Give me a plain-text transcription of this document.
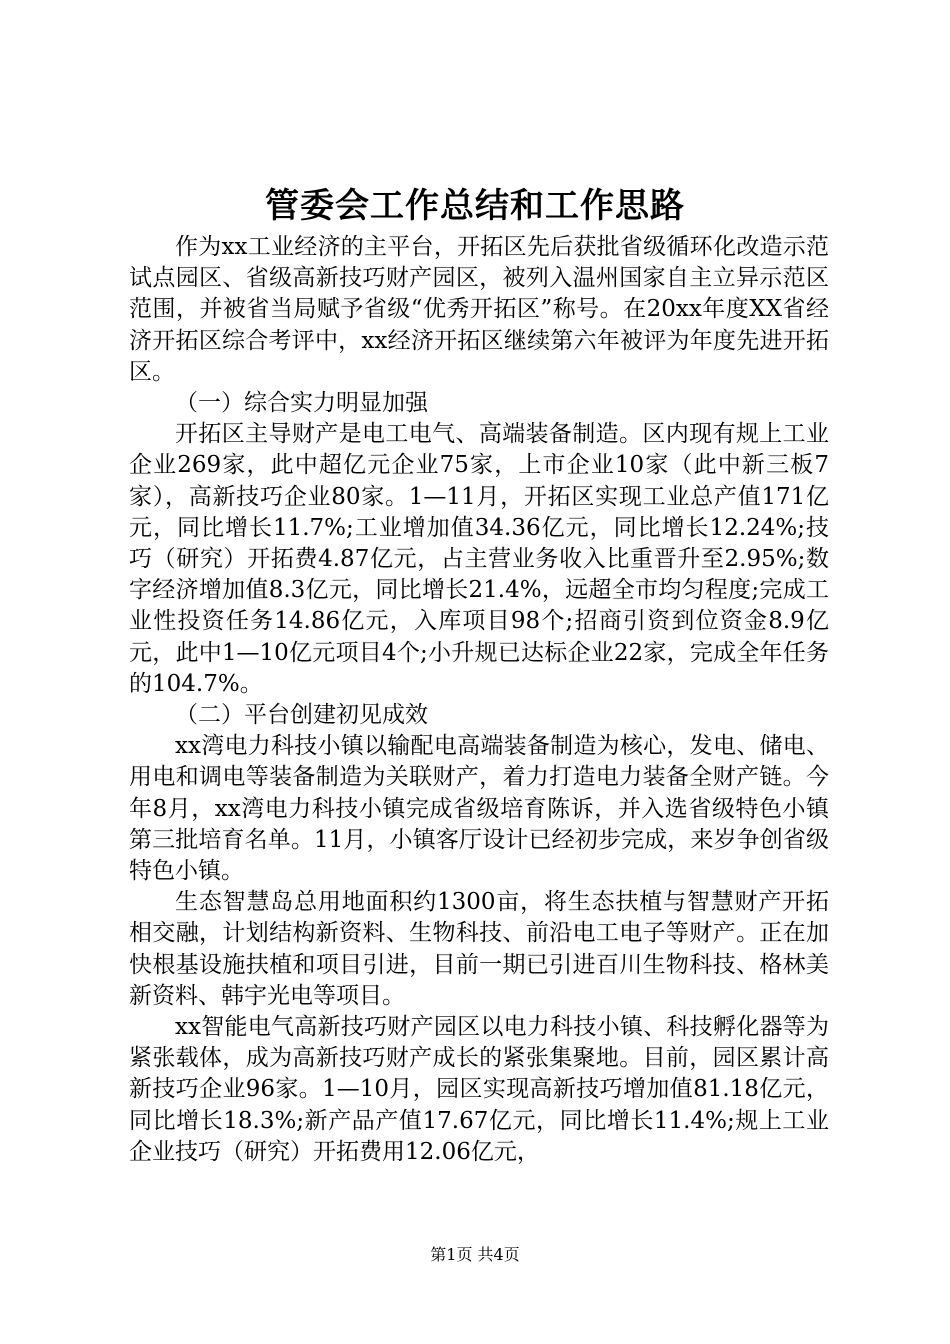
管委会工作总结和工作思路

作为xx工业经济的主平台，开拓区先后获批省级循环化改造示范试点园区、省级高新技巧财产园区，被列入温州国家自主立异示范区范围，并被省当局赋予省级“优秀开拓区”称号。在20xx年度XX省经济开拓区综合考评中，xx经济开拓区继续第六年被评为年度先进开拓区。

（一）综合实力明显加强

开拓区主导财产是电工电气、高端装备制造。区内现有规上工业企业269家，此中超亿元企业75家，上市企业10家（此中新三板7家），高新技巧企业80家。1—11月，开拓区实现工业总产值171亿元，同比增长11.7%;工业增加值34.36亿元，同比增长12.24%;技巧（研究）开拓费4.87亿元，占主营业务收入比重晋升至2.95%;数字经济增加值8.3亿元，同比增长21.4%，远超全市均匀程度;完成工业性投资任务14.86亿元，入库项目98个;招商引资到位资金8.9亿元，此中1—10亿元项目4个;小升规已达标企业22家，完成全年任务的104.7%。

（二）平台创建初见成效

xx湾电力科技小镇以输配电高端装备制造为核心，发电、储电、用电和调电等装备制造为关联财产，着力打造电力装备全财产链。今年8月，xx湾电力科技小镇完成省级培育陈诉，并入选省级特色小镇第三批培育名单。11月，小镇客厅设计已经初步完成，来岁争创省级特色小镇。

生态智慧岛总用地面积约1300亩，将生态扶植与智慧财产开拓相交融，计划结构新资料、生物科技、前沿电工电子等财产。正在加快根基设施扶植和项目引进，目前一期已引进百川生物科技、格林美新资料、韩宇光电等项目。

xx智能电气高新技巧财产园区以电力科技小镇、科技孵化器等为紧张载体，成为高新技巧财产成长的紧张集聚地。目前，园区累计高新技巧企业96家。1—10月，园区实现高新技巧增加值81.18亿元，同比增长18.3%;新产品产值17.67亿元，同比增长11.4%;规上工业企业技巧（研究）开拓费用12.06亿元，

第1页 共4页
